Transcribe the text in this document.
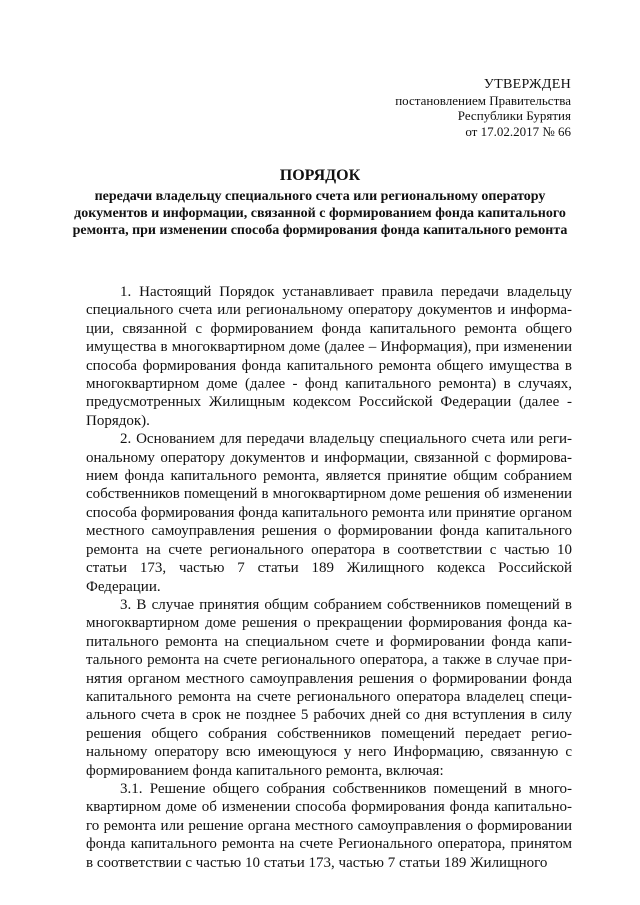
УТВЕРЖДЕН
постановлением Правительства
Республики Бурятия
от 17.02.2017 № 66
ПОРЯДОК
передачи владельцу специального счета или региональному оператору документов и информации, связанной с формированием фонда капитального ремонта, при изменении способа формирования фонда капитального ремонта

1. Настоящий Порядок устанавливает правила передачи владельцу специального счета или региональному оператору документов и информации, связанной с формированием фонда капитального ремонта общего имущества в многоквартирном доме (далее – Информация), при изменении способа формирования фонда капитального ремонта общего имущества в многоквартирном доме (далее - фонд капитального ремонта) в случаях, предусмотренных Жилищным кодексом Российской Федерации (далее - Порядок).

2. Основанием для передачи владельцу специального счета или региональному оператору документов и информации, связанной с формированием фонда капитального ремонта, является принятие общим собранием собственников помещений в многоквартирном доме решения об изменении способа формирования фонда капитального ремонта или принятие органом местного самоуправления решения о формировании фонда капитального ремонта на счете регионального оператора в соответствии с частью 10 статьи 173, частью 7 статьи 189 Жилищного кодекса Российской Федерации.

3. В случае принятия общим собранием собственников помещений в многоквартирном доме решения о прекращении формирования фонда капитального ремонта на специальном счете и формировании фонда капитального ремонта на счете регионального оператора, а также в случае принятия органом местного самоуправления решения о формировании фонда капитального ремонта на счете регионального оператора владелец специального счета в срок не позднее 5 рабочих дней со дня вступления в силу решения общего собрания собственников помещений передает региональному оператору всю имеющуюся у него Информацию, связанную с формированием фонда капитального ремонта, включая:

3.1. Решение общего собрания собственников помещений в многоквартирном доме об изменении способа формирования фонда капитального ремонта или решение органа местного самоуправления о формировании фонда капитального ремонта на счете Регионального оператора, принятом в соответствии с частью 10 статьи 173, частью 7 статьи 189 Жилищного
